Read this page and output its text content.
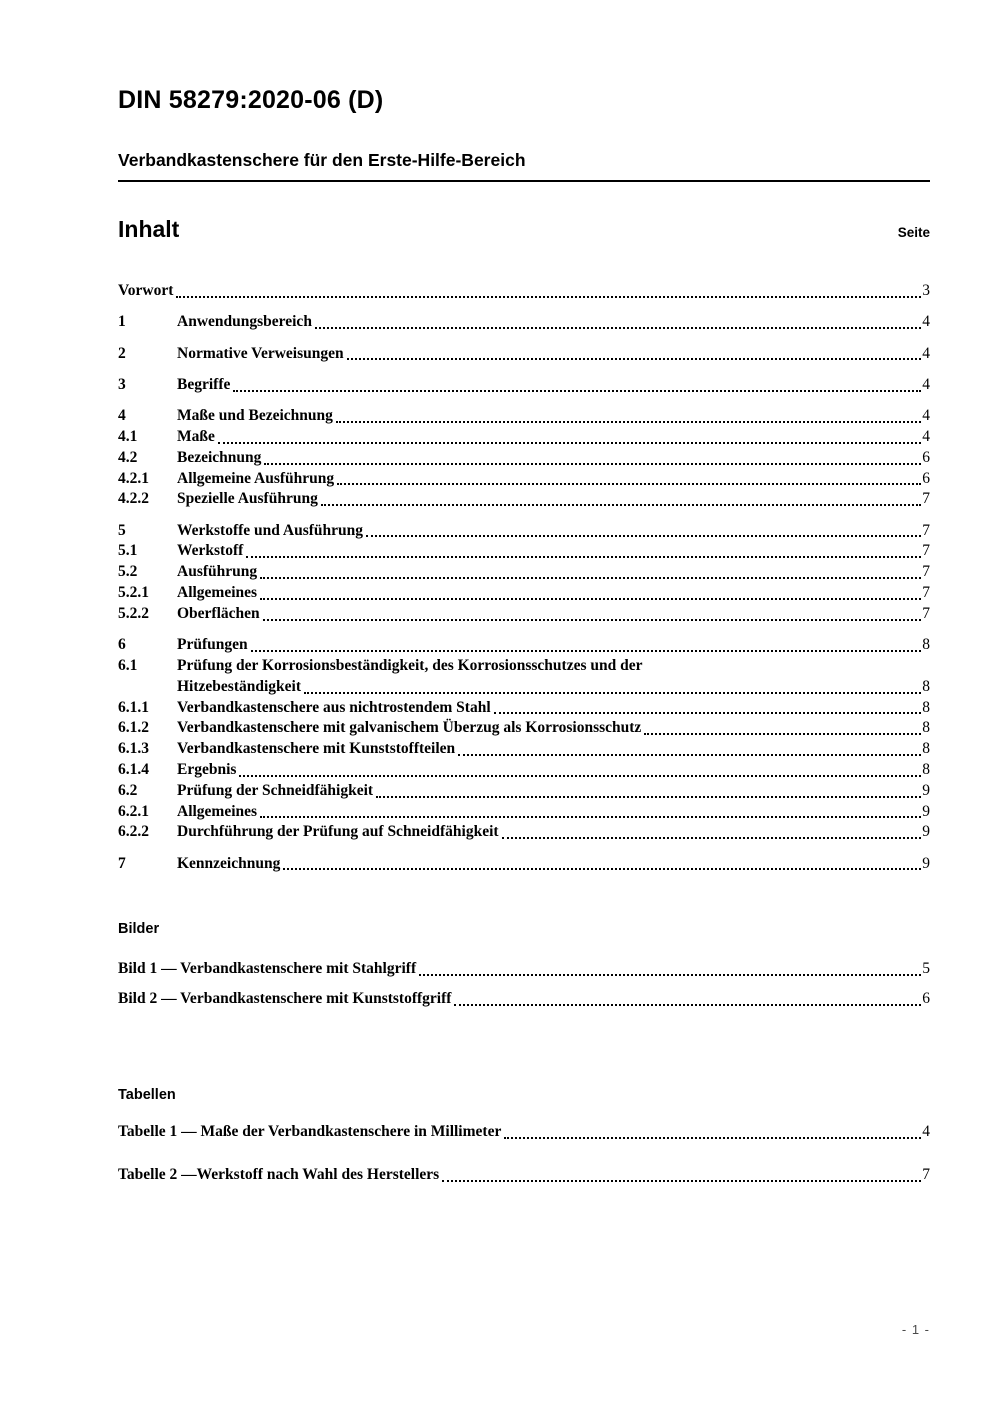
DIN 58279:2020-06 (D)
Verbandkastenschere für den Erste-Hilfe-Bereich
Inhalt	Seite
Vorwort	3
1	Anwendungsbereich	4
2	Normative Verweisungen	4
3	Begriffe	4
4	Maße und Bezeichnung	4
4.1	Maße	4
4.2	Bezeichnung	6
4.2.1	Allgemeine Ausführung	6
4.2.2	Spezielle Ausführung	7
5	Werkstoffe und Ausführung	7
5.1	Werkstoff	7
5.2	Ausführung	7
5.2.1	Allgemeines	7
5.2.2	Oberflächen	7
6	Prüfungen	8
6.1	Prüfung der Korrosionsbeständigkeit, des Korrosionsschutzes und der
Hitzebeständigkeit	8
6.1.1	Verbandkastenschere aus nichtrostendem Stahl	8
6.1.2	Verbandkastenschere mit galvanischem Überzug als Korrosionsschutz	8
6.1.3	Verbandkastenschere mit Kunststoffteilen	8
6.1.4	Ergebnis	8
6.2	Prüfung der Schneidfähigkeit	9
6.2.1	Allgemeines	9
6.2.2	Durchführung der Prüfung auf Schneidfähigkeit	9
7	Kennzeichnung	9
Bilder
Bild 1 — Verbandkastenschere mit Stahlgriff	5
Bild 2 — Verbandkastenschere mit Kunststoffgriff	6
Tabellen
Tabelle 1 — Maße der Verbandkastenschere in Millimeter	4
Tabelle 2 —Werkstoff nach Wahl des Herstellers	7
- 1 -
